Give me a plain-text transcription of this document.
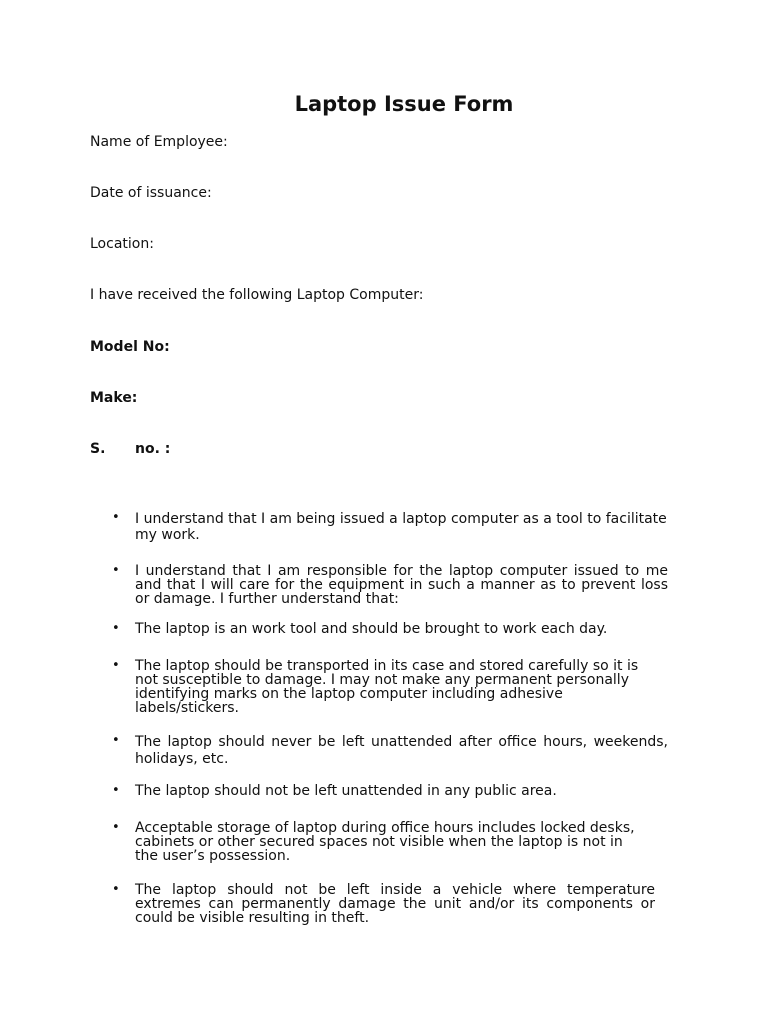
Laptop Issue Form

Name of Employee:

Date of issuance:

Location:

I have received the following Laptop Computer:

Model No:

Make:

S. no. :
• I understand that I am being issued a laptop computer as a tool to facilitate my work.
• I understand that I am responsible for the laptop computer issued to me and that I will care for the equipment in such a manner as to prevent loss or damage. I further understand that:
• The laptop is an work tool and should be brought to work each day.
• The laptop should be transported in its case and stored carefully so it is not susceptible to damage. I may not make any permanent personally identifying marks on the laptop computer including adhesive labels/stickers.
• The laptop should never be left unattended after office hours, weekends, holidays, etc.
• The laptop should not be left unattended in any public area.
• Acceptable storage of laptop during office hours includes locked desks, cabinets or other secured spaces not visible when the laptop is not in the user’s possession.
• The laptop should not be left inside a vehicle where temperature extremes can permanently damage the unit and/or its components or could be visible resulting in theft.
